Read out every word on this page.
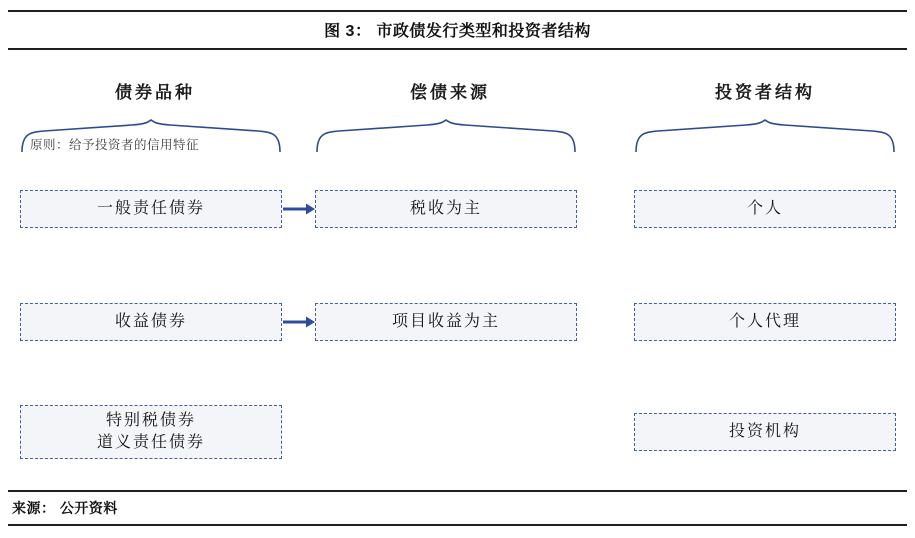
图 3： 市政债发行类型和投资者结构
债券品种	偿债来源	投资者结构
原则：给予投资者的信用特征
一般责任债券
收益债券
特别税债券
道义责任债券
税收为主
项目收益为主
个人
个人代理
投资机构
来源： 公开资料
